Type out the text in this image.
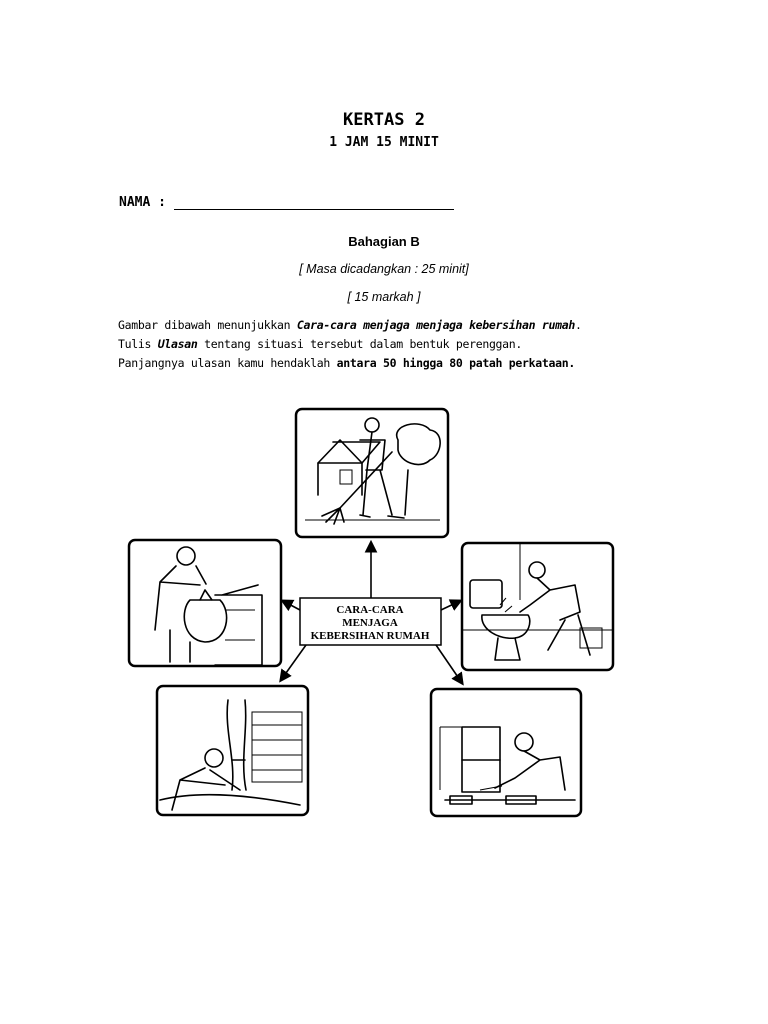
KERTAS 2
1 JAM 15 MINIT
NAMA :
Bahagian B
[ Masa dicadangkan : 25 minit]
[ 15 markah ]
Gambar dibawah menunjukkan Cara-cara menjaga menjaga kebersihan rumah.
Tulis Ulasan tentang situasi tersebut dalam bentuk perenggan.
Panjangnya ulasan kamu hendaklah antara 50 hingga 80 patah perkataan.
CARA-CARA
MENJAGA
KEBERSIHAN RUMAH
